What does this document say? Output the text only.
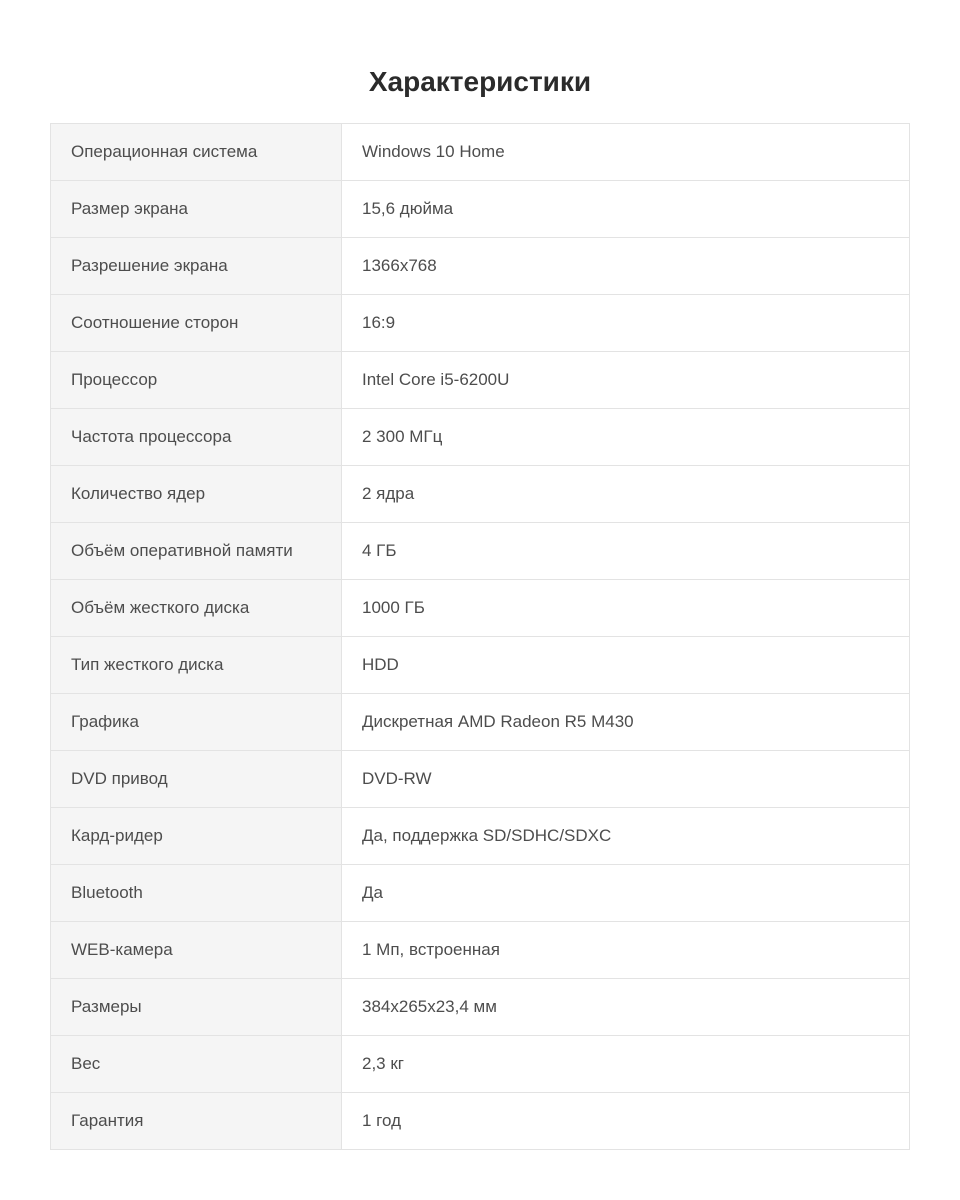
Характеристики
Операционная система	Windows 10 Home
Размер экрана	15,6 дюйма
Разрешение экрана	1366x768
Соотношение сторон	16:9
Процессор	Intel Core i5-6200U
Частота процессора	2 300 МГц
Количество ядер	2 ядра
Объём оперативной памяти	4 ГБ
Объём жесткого диска	1000 ГБ
Тип жесткого диска	HDD
Графика	Дискретная AMD Radeon R5 M430
DVD привод	DVD-RW
Кард-ридер	Да, поддержка SD/SDHC/SDXC
Bluetooth	Да
WEB-камера	1 Мп, встроенная
Размеры	384x265x23,4 мм
Вес	2,3 кг
Гарантия	1 год
